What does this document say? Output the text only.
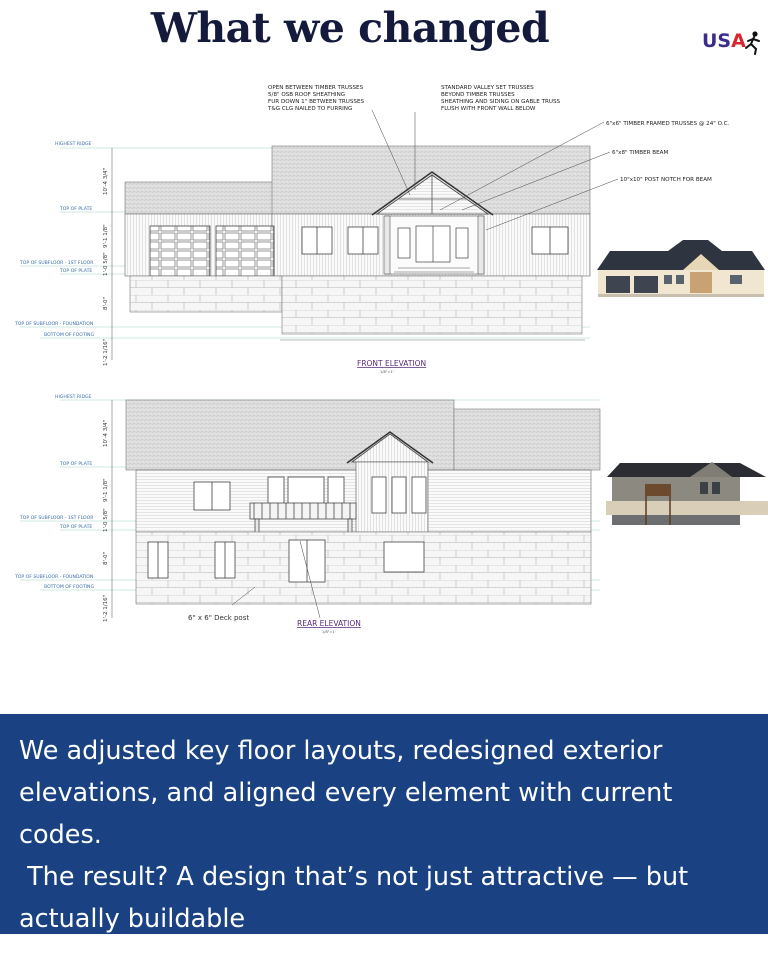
What we changed	USA
HIGHEST RIDGE
TOP OF PLATE
TOP OF SUBFLOOR - 1ST FLOOR
TOP OF PLATE
TOP OF SUBFLOOR - FOUNDATION
BOTTOM OF FOOTING
10'-4 3/4"
9'-1 1/8"
1'-0 5/8"
8'-0"
1'-2 1/16"
OPEN BETWEEN TIMBER TRUSSES
5/8" OSB ROOF SHEATHING
FUR DOWN 1" BETWEEN TRUSSES
T&G CLG NAILED TO FURRING
STANDARD VALLEY SET TRUSSES
BEYOND TIMBER TRUSSES
SHEATHING AND SIDING ON GABLE TRUSS
FLUSH WITH FRONT WALL BELOW
6"x6" TIMBER FRAMED TRUSSES @ 24" O.C.
6"x8" TIMBER BEAM
10"x10" POST NOTCH FOR BEAM
FRONT ELEVATION
1/8"=1'
HIGHEST RIDGE
TOP OF PLATE
TOP OF SUBFLOOR - 1ST FLOOR
TOP OF PLATE
TOP OF SUBFLOOR - FOUNDATION
BOTTOM OF FOOTING
10'-4 3/4"
9'-1 1/8"
1'-0 5/8"
8'-0"
1'-2 1/16"	6" x 6" Deck post
REAR ELEVATION
1/8"=1'
We adjusted key floor layouts, redesigned exterior
elevations, and aligned every element with current
codes.
The result? A design that’s not just attractive — but
actually buildable
